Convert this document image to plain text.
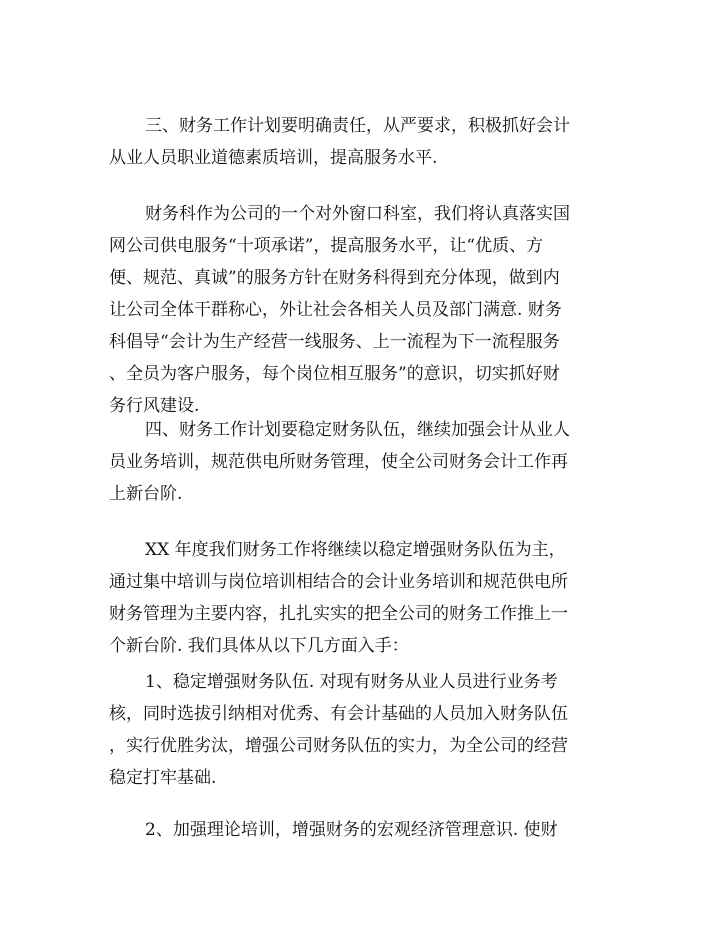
三、财务工作计划要明确责任，从严要求，积极抓好会计
从业人员职业道德素质培训，提高服务水平.
财务科作为公司的一个对外窗口科室，我们将认真落实国
网公司供电服务“十项承诺”，提高服务水平，让“优质、方
便、规范、真诚”的服务方针在财务科得到充分体现，做到内
让公司全体干群称心，外让社会各相关人员及部门满意. 财务
科倡导“会计为生产经营一线服务、上一流程为下一流程服务
、全员为客户服务，每个岗位相互服务”的意识，切实抓好财
务行风建设.
四、财务工作计划要稳定财务队伍，继续加强会计从业人
员业务培训，规范供电所财务管理，使全公司财务会计工作再
上新台阶.
XX 年度我们财务工作将继续以稳定增强财务队伍为主，
通过集中培训与岗位培训相结合的会计业务培训和规范供电所
财务管理为主要内容，扎扎实实的把全公司的财务工作推上一
个新台阶. 我们具体从以下几方面入手：
1、稳定增强财务队伍. 对现有财务从业人员进行业务考
核，同时选拔引纳相对优秀、有会计基础的人员加入财务队伍
，实行优胜劣汰，增强公司财务队伍的实力，为全公司的经营
稳定打牢基础.
2、加强理论培训，增强财务的宏观经济管理意识. 使财
